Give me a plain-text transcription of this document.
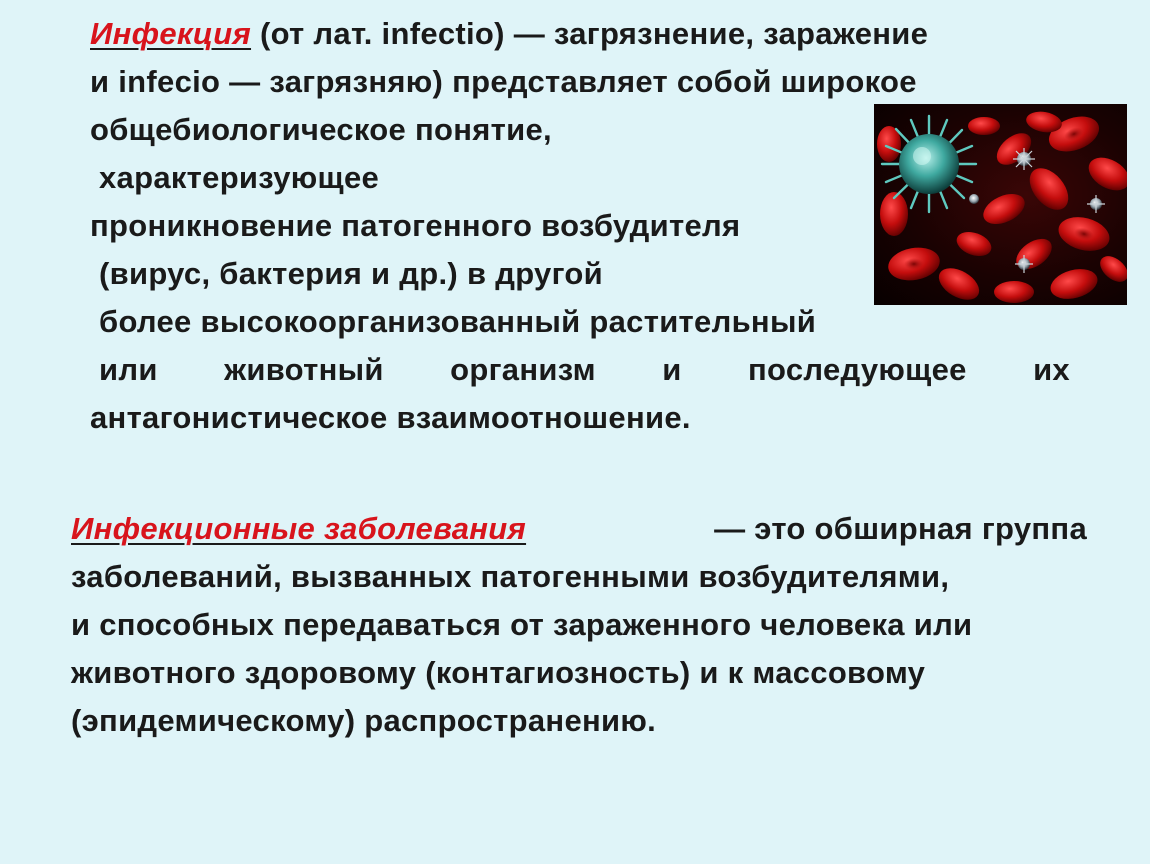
Инфекция (от лат. infectio) — загрязнение, заражение
и infecio — загрязняю) представляет собой широкое
общебиологическое понятие,
характеризующее
проникновение патогенного возбудителя
(вирус, бактерия и др.) в другой
более высокоорганизованный растительный
или животный организм и последующее их
антагонистическое взаимоотношение.
Инфекционные заболевания	— это обширная группа
заболеваний, вызванных патогенными возбудителями,
и способных передаваться от зараженного человека или
животного здоровому (контагиозность) и к массовому
(эпидемическому) распространению.
